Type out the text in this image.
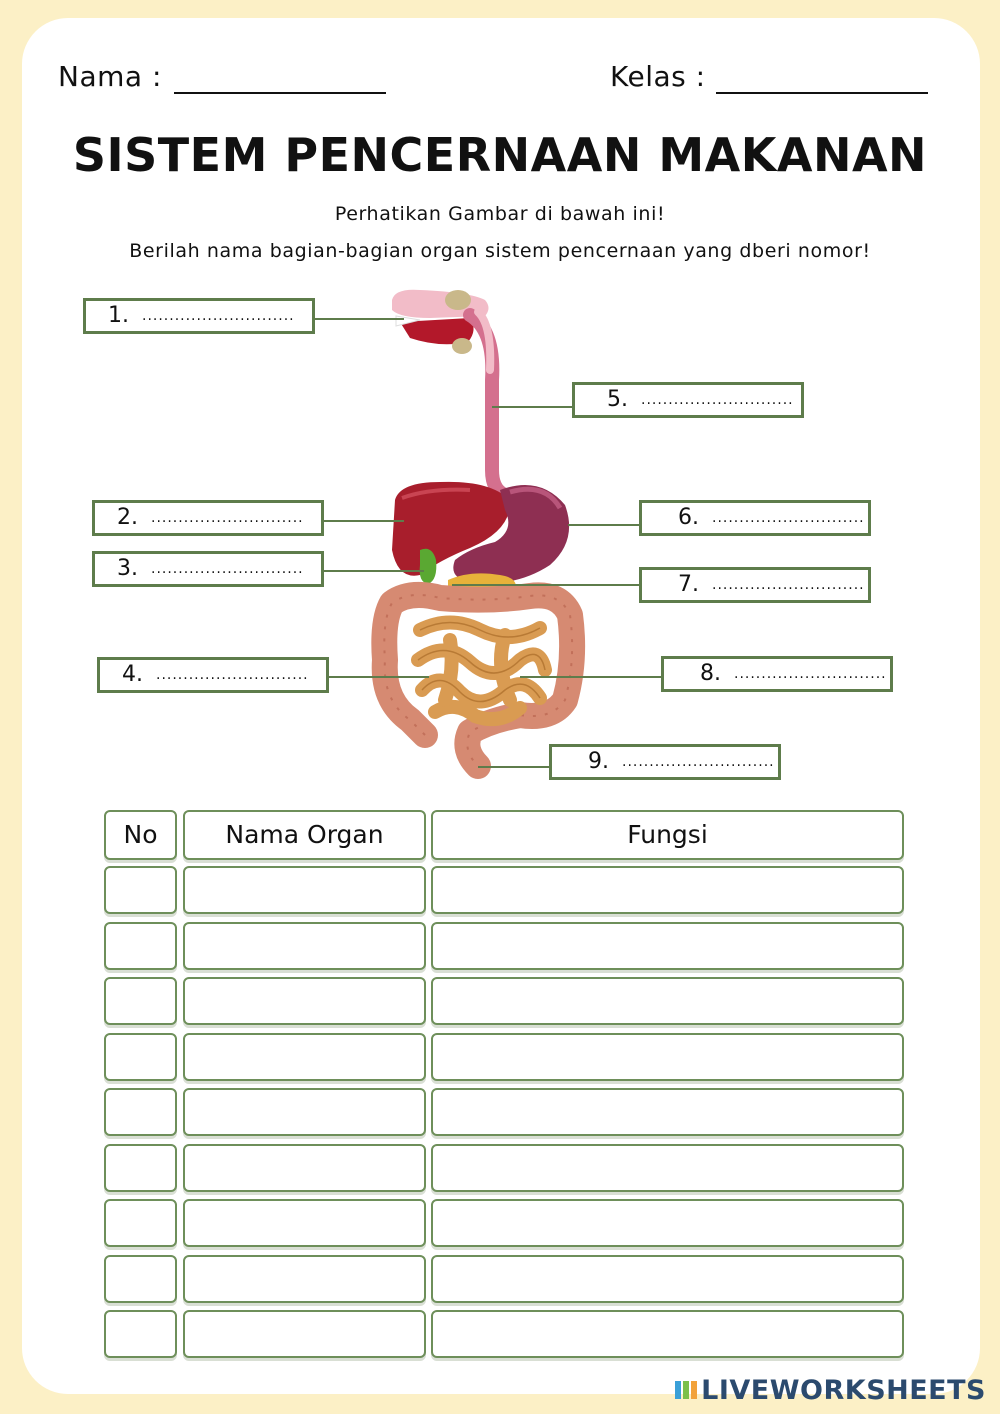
Nama :	Kelas :
SISTEM PENCERNAAN MAKANAN
Perhatikan Gambar di bawah ini!
Berilah nama bagian-bagian organ sistem pencernaan yang dberi nomor!
1. ............................
2. ............................
3. ............................
4. ............................
5. ............................
6. ............................
7. ............................
8. ............................
9. ............................
No	Nama Organ	Fungsi
LIVEWORKSHEETS
